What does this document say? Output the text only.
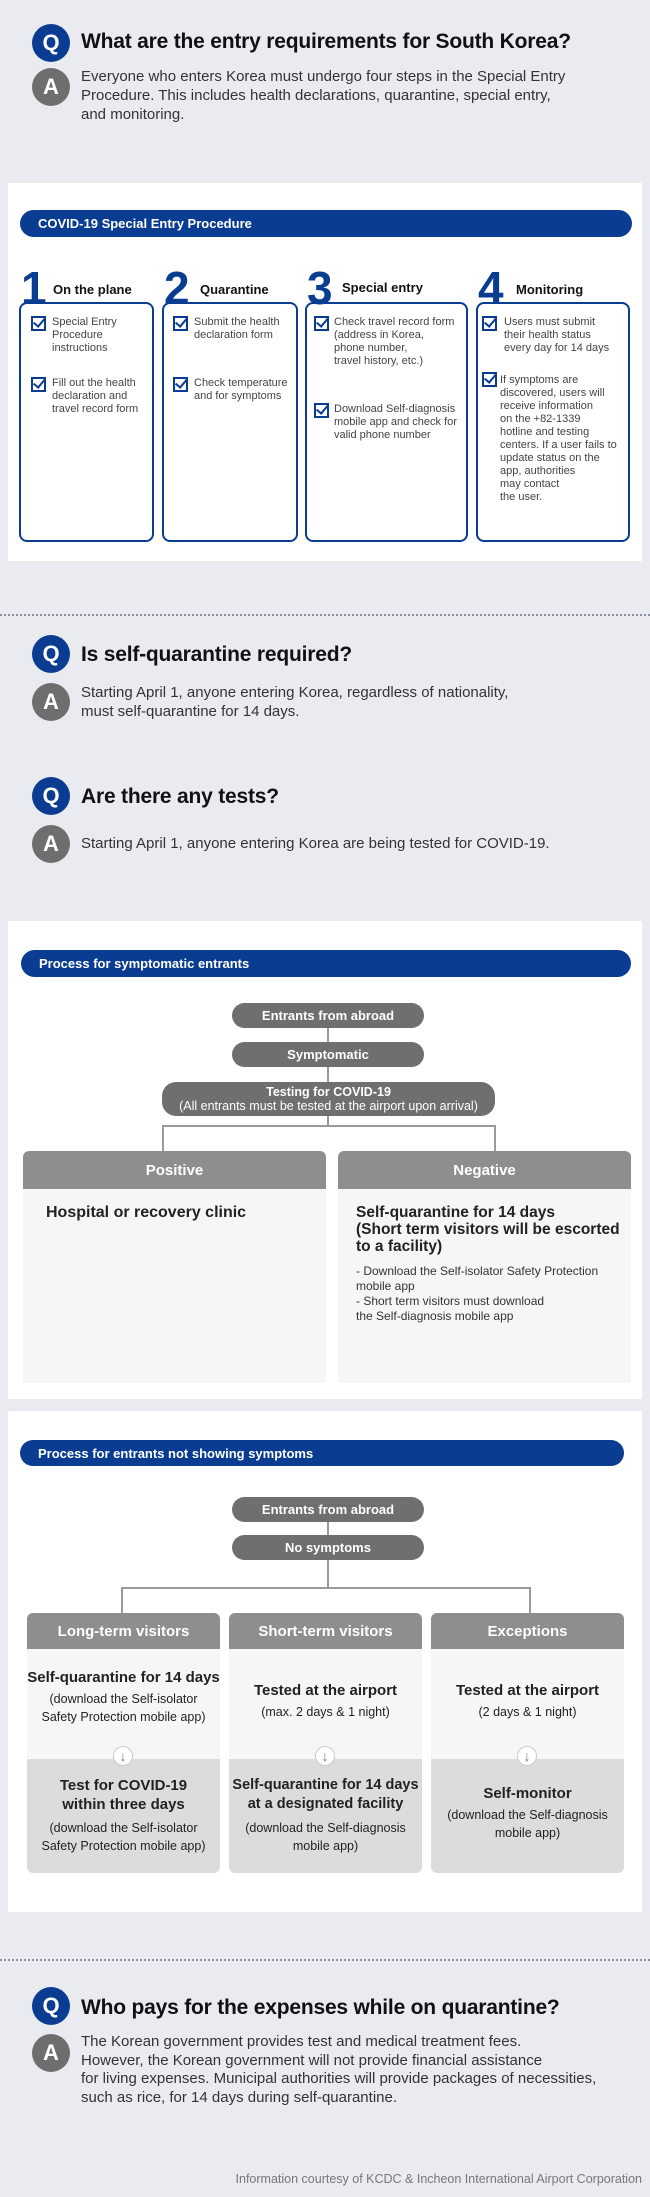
Q	What are the entry requirements for South Korea?
A	Everyone who enters Korea must undergo four steps in the Special Entry
Procedure. This includes health declarations, quarantine, special entry,
and monitoring.
COVID-19 Special Entry Procedure
1 On the plane
Special Entry
Procedure
instructions
Fill out the health
declaration and
travel record form
2 Quarantine
Submit the health
declaration form
Check temperature
and for symptoms
3 Special entry
Check travel record form
(address in Korea,
phone number,
travel history, etc.)
Download Self-diagnosis
mobile app and check for
valid phone number
4 Monitoring
Users must submit
their health status
every day for 14 days
If symptoms are
discovered, users will
receive information
on the +82-1339
hotline and testing
centers. If a user fails to
update status on the
app, authorities
may contact
the user.
Q	Is self-quarantine required?
A	Starting April 1, anyone entering Korea, regardless of nationality,
must self-quarantine for 14 days.
Q	Are there any tests?
A	Starting April 1, anyone entering Korea are being tested for COVID-19.
Process for symptomatic entrants
Entrants from abroad
Symptomatic
Testing for COVID-19
(All entrants must be tested at the airport upon arrival)
Positive
Hospital or recovery clinic
Negative
Self-quarantine for 14 days
(Short term visitors will be escorted
to a facility)
- Download the Self-isolator Safety Protection
mobile app
- Short term visitors must download
the Self-diagnosis mobile app
Process for entrants not showing symptoms
Entrants from abroad
No symptoms
Long-term visitors
Self-quarantine for 14 days
(download the Self-isolator
Safety Protection mobile app)
↓
Test for COVID-19
within three days
(download the Self-isolator
Safety Protection mobile app)
Short-term visitors
Tested at the airport
(max. 2 days & 1 night)
↓
Self-quarantine for 14 days
at a designated facility
(download the Self-diagnosis
mobile app)
Exceptions
Tested at the airport
(2 days & 1 night)
↓
Self-monitor
(download the Self-diagnosis
mobile app)
Q	Who pays for the expenses while on quarantine?
A	The Korean government provides test and medical treatment fees.
However, the Korean government will not provide financial assistance
for living expenses. Municipal authorities will provide packages of necessities,
such as rice, for 14 days during self-quarantine.
Information courtesy of KCDC & Incheon International Airport Corporation
